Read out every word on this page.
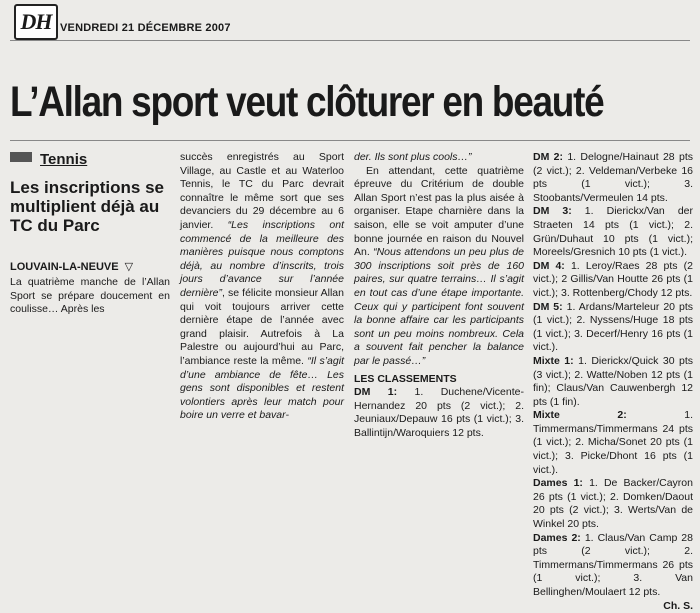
DH VENDREDI 21 DÉCEMBRE 2007
L’Allan sport veut clôturer en beauté
Tennis
Les inscriptions se multiplient déjà au TC du Parc
LOUVAIN-LA-NEUVE ▽

La quatrième manche de l’Allan Sport se prépare doucement en coulisse… Après les

succès enregistrés au Sport Village, au Castle et au Waterloo Tennis, le TC du Parc devrait connaître le même sort que ses devanciers du 29 décembre au 6 janvier. “Les inscriptions ont commencé de la meilleure des manières puisque nous comptons déjà, au nombre d’inscrits, trois jours d’avance sur l’année dernière”, se félicite monsieur Allan qui voit toujours arriver cette dernière étape de l’année avec grand plaisir. Autrefois à La Palestre ou aujourd’hui au Parc, l’ambiance reste la même. “Il s’agit d’une ambiance de fête… Les gens sont disponibles et restent volontiers après leur match pour boire un verre et bavar-

der. Ils sont plus cools…”

En attendant, cette quatrième épreuve du Critérium de double Allan Sport n’est pas la plus aisée à organiser. Etape charnière dans la saison, elle se voit amputer d’une bonne journée en raison du Nouvel An. “Nous attendons un peu plus de 300 inscriptions soit près de 160 paires, sur quatre terrains… Il s’agit en tout cas d’une étape importante. Ceux qui y participent font souvent la bonne affaire car les participants sont un peu moins nombreux. Cela a souvent fait pencher la balance par le passé…”

LES CLASSEMENTS

DM 1: 1. Duchene/Vicente-Hernandez 20 pts (2 vict.); 2. Jeuniaux/Depauw 16 pts (1 vict.); 3. Ballintijn/Waroquiers 12 pts.

DM 2: 1. Delogne/Hainaut 28 pts (2 vict.); 2. Veldeman/Verbeke 16 pts (1 vict.); 3. Stoobants/Vermeulen 14 pts.

DM 3: 1. Dierickx/Van der Straeten 14 pts (1 vict.); 2. Grün/Duhaut 10 pts (1 vict.); Moreels/Gresnich 10 pts (1 vict.).

DM 4: 1. Leroy/Raes 28 pts (2 vict.); 2 Gillis/Van Houtte 26 pts (1 vict.); 3. Rottenberg/Chody 12 pts.

DM 5: 1. Ardans/Marteleur 20 pts (1 vict.); 2. Nyssens/Huge 18 pts (1 vict.); 3. Decerf/Henry 16 pts (1 vict.).

Mixte 1: 1. Dierickx/Quick 30 pts (3 vict.); 2. Watte/Noben 12 pts (1 fin); Claus/Van Cauwenbergh 12 pts (1 fin).

Mixte 2: 1. Timmermans/Timmermans 24 pts (1 vict.); 2. Micha/Sonet 20 pts (1 vict.); 3. Picke/Dhont 16 pts (1 vict.).

Dames 1: 1. De Backer/Cayron 26 pts (1 vict.); 2. Domken/Daout 20 pts (2 vict.); 3. Werts/Van de Winkel 20 pts.

Dames 2: 1. Claus/Van Camp 28 pts (2 vict.); 2. Timmermans/Timmermans 26 pts (1 vict.); 3. Van Bellinghen/Moulaert 12 pts.

Ch. S.
